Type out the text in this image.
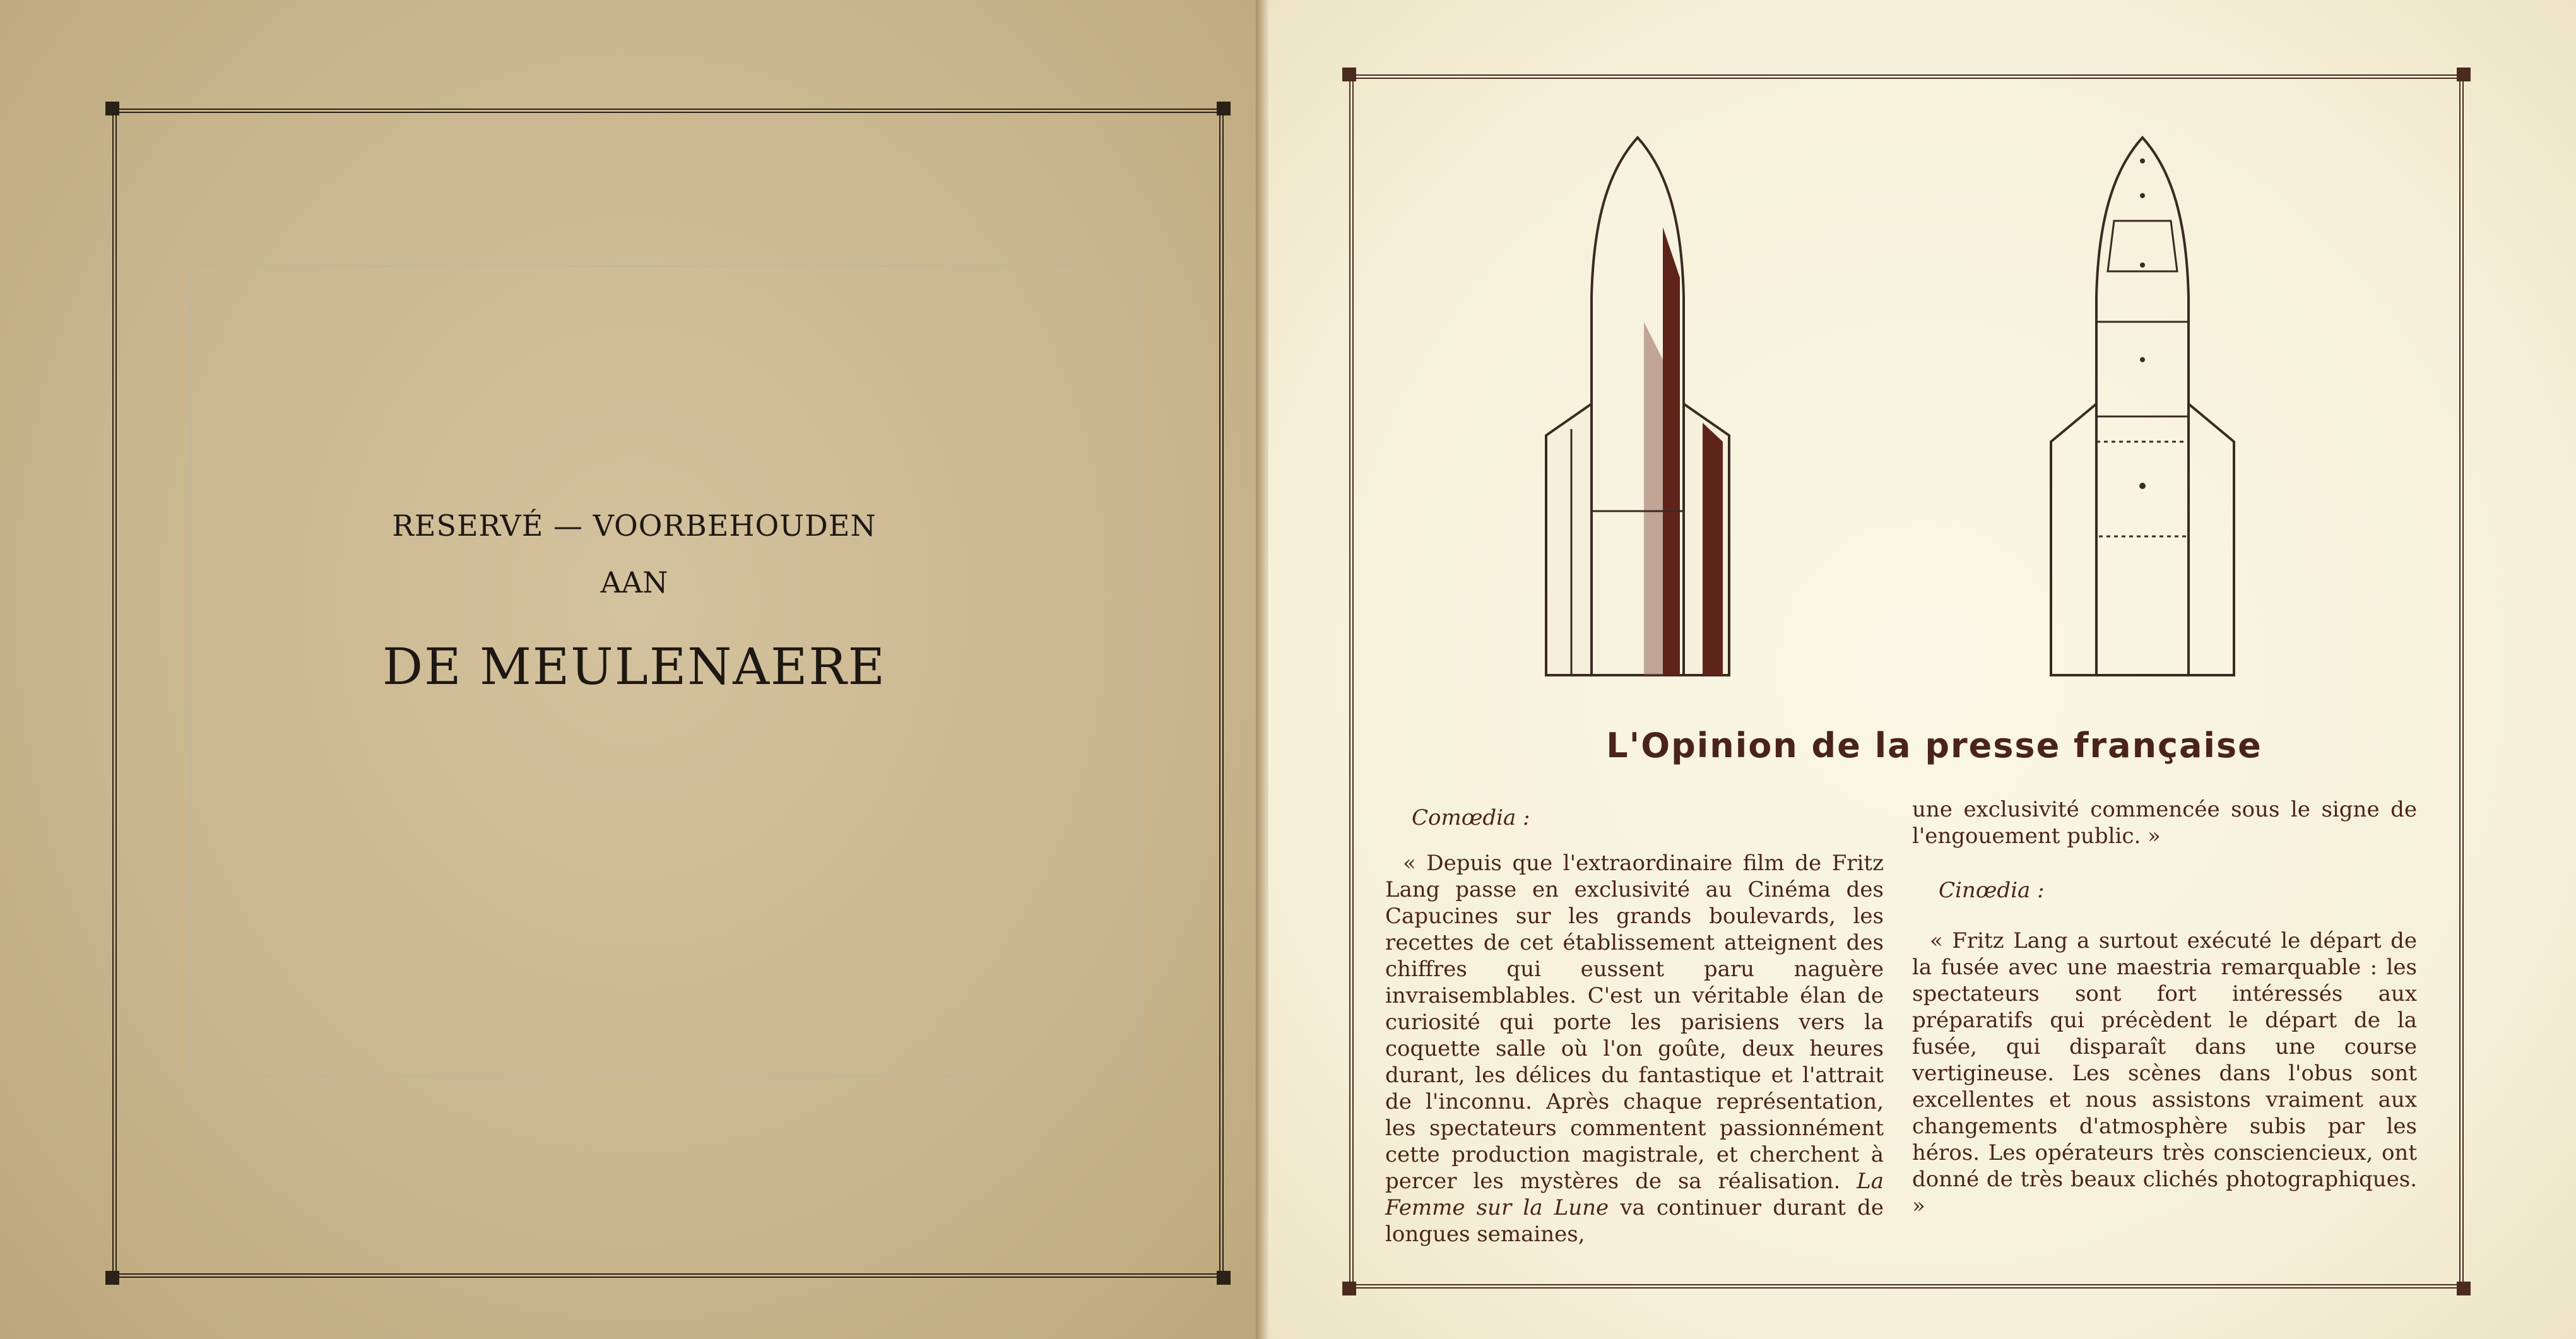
RESERVÉ — VOORBEHOUDEN
AAN
DE MEULENAERE
L'Opinion de la presse française

Comœdia :

« Depuis que l'extraordinaire film de Fritz Lang passe en exclusivité au Cinéma des Capucines sur les grands boulevards, les recettes de cet établissement atteignent des chiffres qui eussent paru naguère invraisemblables. C'est un véritable élan de curiosité qui porte les parisiens vers la coquette salle où l'on goûte, deux heures durant, les délices du fantastique et l'attrait de l'inconnu. Après chaque représentation, les spectateurs commentent passionnément cette production magistrale, et cherchent à percer les mystères de sa réalisation. La Femme sur la Lune va continuer durant de longues semaines,

une exclusivité commencée sous le signe de l'engouement public. »

Cinœdia :

« Fritz Lang a surtout exécuté le départ de la fusée avec une maestria remarquable : les spectateurs sont fort intéressés aux préparatifs qui précèdent le départ de la fusée, qui disparaît dans une course vertigineuse. Les scènes dans l'obus sont excellentes et nous assistons vraiment aux changements d'atmosphère subis par les héros. Les opérateurs très consciencieux, ont donné de très beaux clichés photographiques. »
